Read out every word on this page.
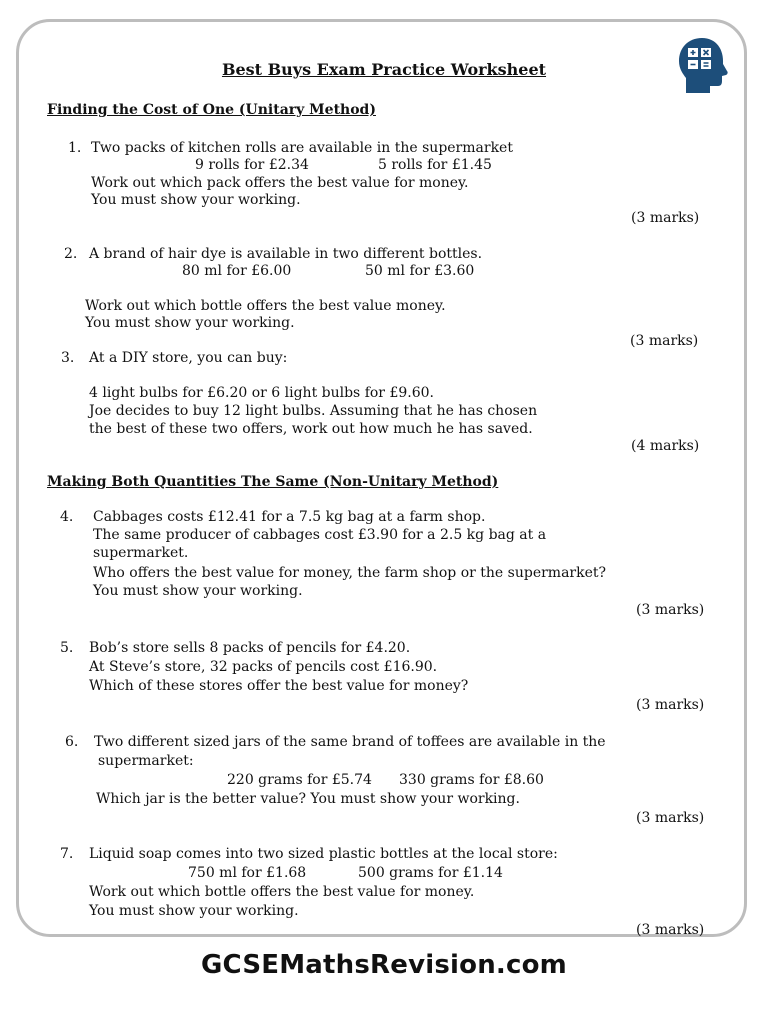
Best Buys Exam Practice Worksheet
Finding the Cost of One (Unitary Method)
1. Two packs of kitchen rolls are available in the supermarket
9 rolls for £2.34	5 rolls for £1.45
Work out which pack offers the best value for money.
You must show your working.
(3 marks)
2. A brand of hair dye is available in two different bottles.
80 ml for £6.00	50 ml for £3.60
Work out which bottle offers the best value money.
You must show your working.
(3 marks)
3. At a DIY store, you can buy:
4 light bulbs for £6.20 or 6 light bulbs for £9.60.
Joe decides to buy 12 light bulbs. Assuming that he has chosen
the best of these two offers, work out how much he has saved.
(4 marks)
Making Both Quantities The Same (Non-Unitary Method)
4. Cabbages costs £12.41 for a 7.5 kg bag at a farm shop.
The same producer of cabbages cost £3.90 for a 2.5 kg bag at a
supermarket.
Who offers the best value for money, the farm shop or the supermarket?
You must show your working.
(3 marks)
5. Bob’s store sells 8 packs of pencils for £4.20.
At Steve’s store, 32 packs of pencils cost £16.90.
Which of these stores offer the best value for money?
(3 marks)
6. Two different sized jars of the same brand of toffees are available in the
supermarket:
220 grams for £5.74 330 grams for £8.60
Which jar is the better value? You must show your working.
(3 marks)
7. Liquid soap comes into two sized plastic bottles at the local store:
750 ml for £1.68	500 grams for £1.14
Work out which bottle offers the best value for money.
You must show your working.
(3 marks)
GCSEMathsRevision.com
